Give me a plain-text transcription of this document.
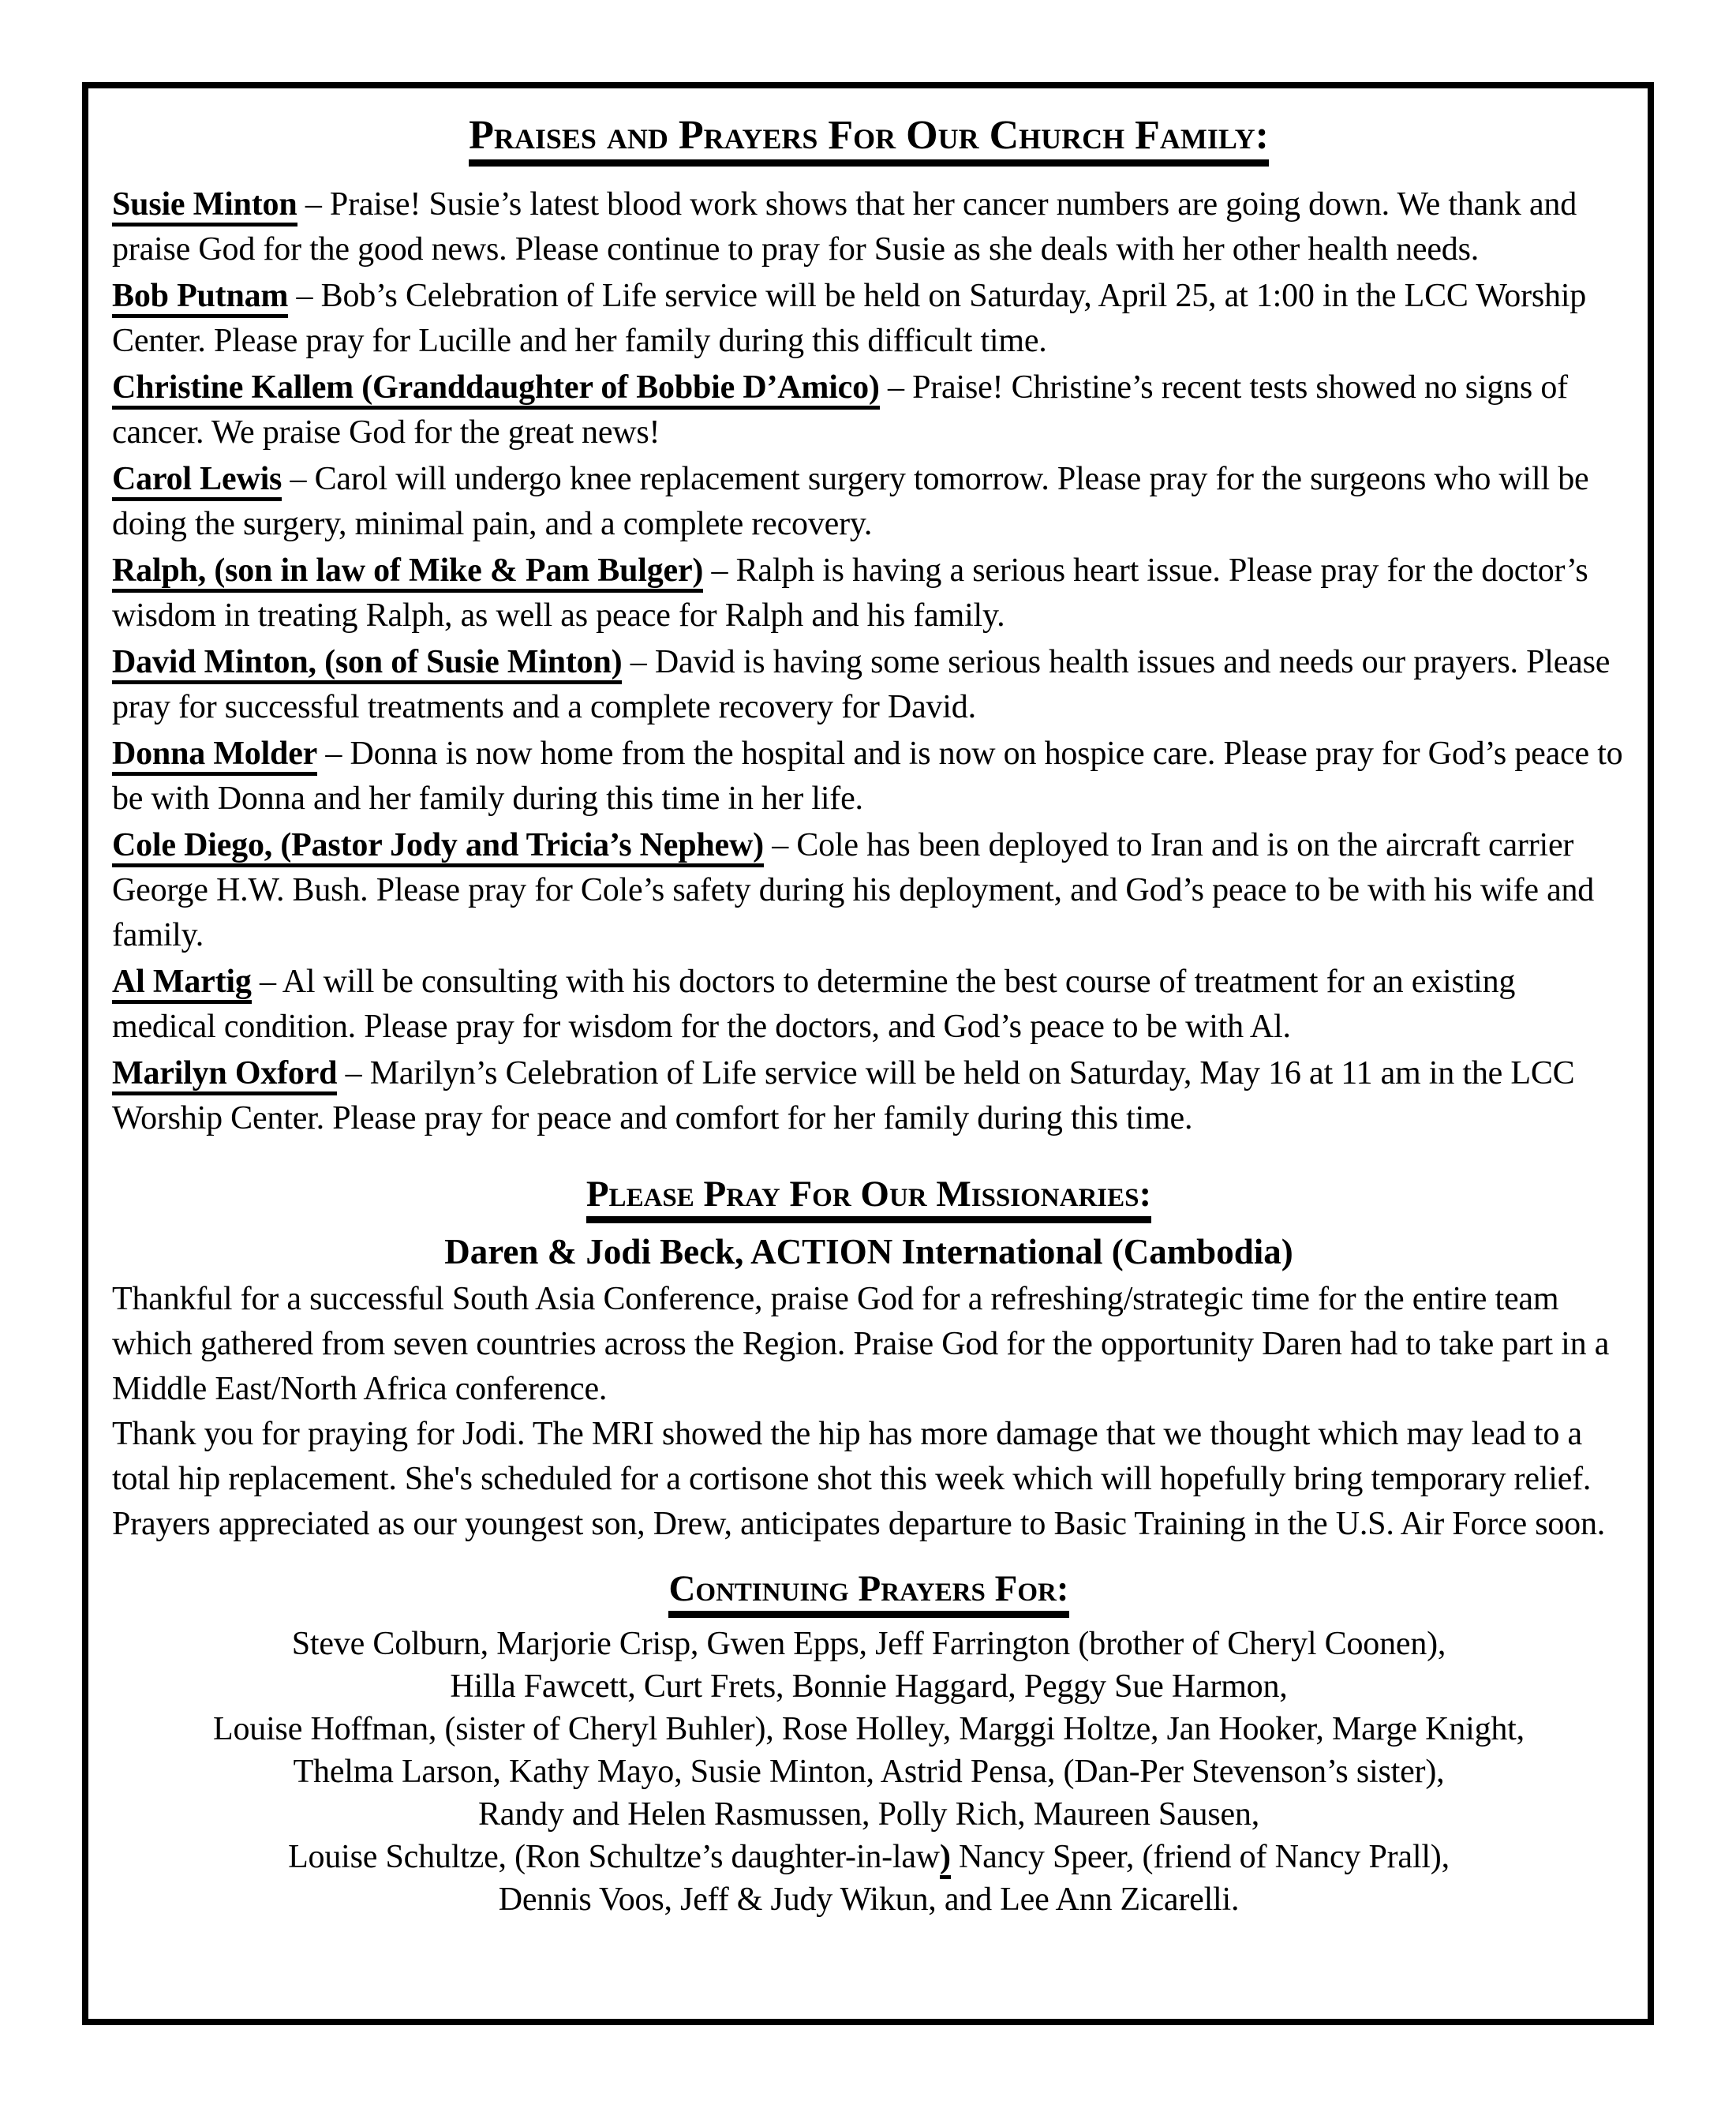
Praises and Prayers For Our Church Family:

Susie Minton – Praise! Susie’s latest blood work shows that her cancer numbers are going down. We thank and praise God for the good news. Please continue to pray for Susie as she deals with her other health needs.

Bob Putnam – Bob’s Celebration of Life service will be held on Saturday, April 25, at 1:00 in the LCC Worship Center. Please pray for Lucille and her family during this difficult time.

Christine Kallem (Granddaughter of Bobbie D’Amico) – Praise! Christine’s recent tests showed no signs of cancer. We praise God for the great news!

Carol Lewis – Carol will undergo knee replacement surgery tomorrow. Please pray for the surgeons who will be doing the surgery, minimal pain, and a complete recovery.

Ralph, (son in law of Mike & Pam Bulger) – Ralph is having a serious heart issue. Please pray for the doctor’s wisdom in treating Ralph, as well as peace for Ralph and his family.

David Minton, (son of Susie Minton) – David is having some serious health issues and needs our prayers. Please pray for successful treatments and a complete recovery for David.

Donna Molder – Donna is now home from the hospital and is now on hospice care. Please pray for God’s peace to be with Donna and her family during this time in her life.

Cole Diego, (Pastor Jody and Tricia’s Nephew) – Cole has been deployed to Iran and is on the aircraft carrier George H.W. Bush. Please pray for Cole’s safety during his deployment, and God’s peace to be with his wife and family.

Al Martig – Al will be consulting with his doctors to determine the best course of treatment for an existing medical condition. Please pray for wisdom for the doctors, and God’s peace to be with Al.

Marilyn Oxford – Marilyn’s Celebration of Life service will be held on Saturday, May 16 at 11 am in the LCC Worship Center. Please pray for peace and comfort for her family during this time.

Please Pray For Our Missionaries:
Daren & Jodi Beck, ACTION International (Cambodia)

Thankful for a successful South Asia Conference, praise God for a refreshing/strategic time for the entire team which gathered from seven countries across the Region. Praise God for the opportunity Daren had to take part in a Middle East/North Africa conference.

Thank you for praying for Jodi. The MRI showed the hip has more damage that we thought which may lead to a total hip replacement. She's scheduled for a cortisone shot this week which will hopefully bring temporary relief. Prayers appreciated as our youngest son, Drew, anticipates departure to Basic Training in the U.S. Air Force soon.

Continuing Prayers For:
Steve Colburn, Marjorie Crisp, Gwen Epps, Jeff Farrington (brother of Cheryl Coonen),
Hilla Fawcett, Curt Frets, Bonnie Haggard, Peggy Sue Harmon,
Louise Hoffman, (sister of Cheryl Buhler), Rose Holley, Marggi Holtze, Jan Hooker, Marge Knight,
Thelma Larson, Kathy Mayo, Susie Minton, Astrid Pensa, (Dan-Per Stevenson’s sister),
Randy and Helen Rasmussen, Polly Rich, Maureen Sausen,
Louise Schultze, (Ron Schultze’s daughter-in-law) Nancy Speer, (friend of Nancy Prall),
Dennis Voos, Jeff & Judy Wikun, and Lee Ann Zicarelli.
